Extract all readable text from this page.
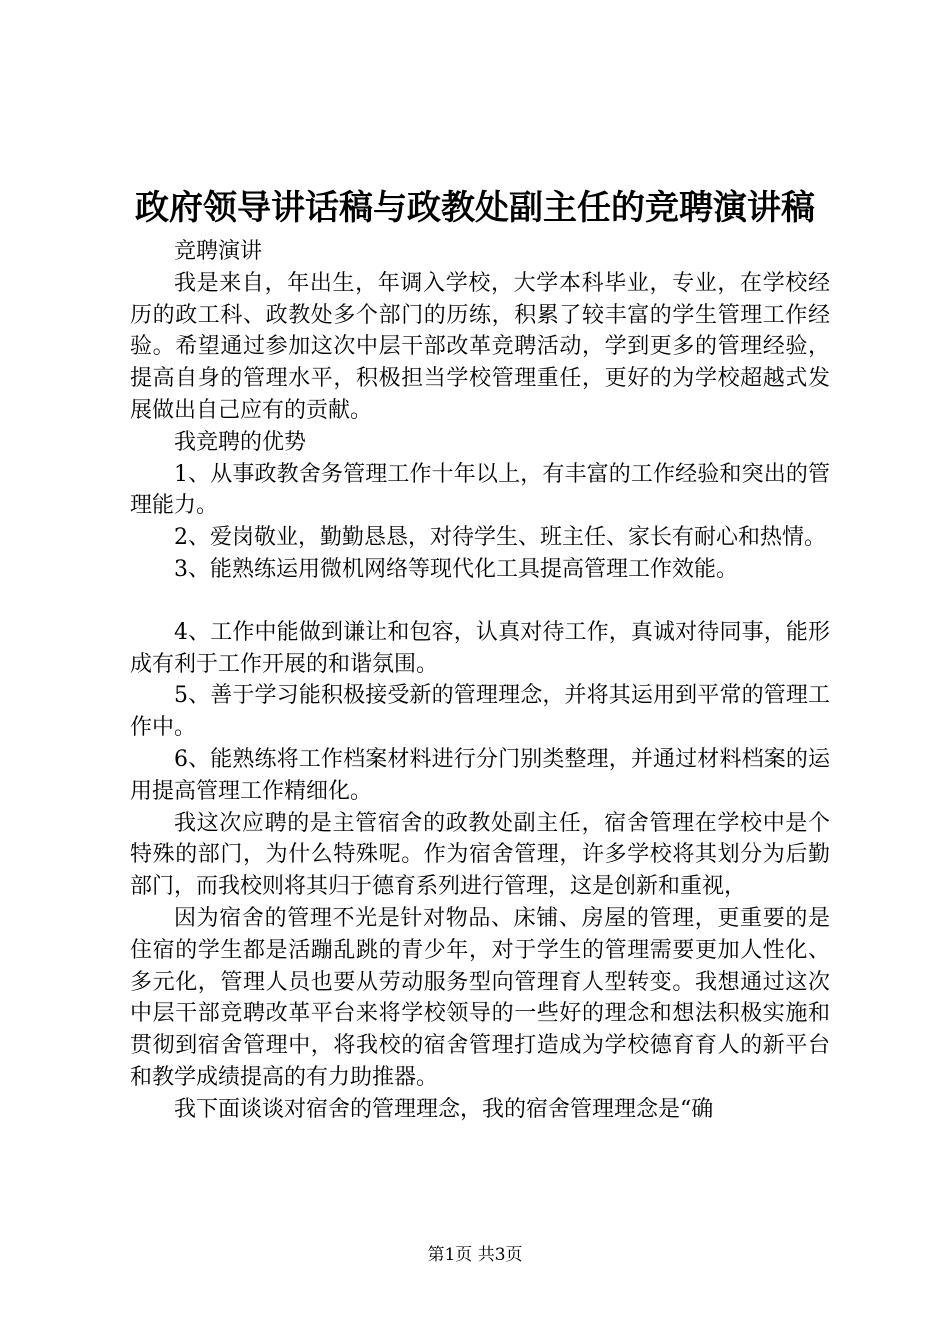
政府领导讲话稿与政教处副主任的竞聘演讲稿

竞聘演讲

我是来自，年出生，年调入学校，大学本科毕业，专业，在学校经历的政工科、政教处多个部门的历练，积累了较丰富的学生管理工作经验。希望通过参加这次中层干部改革竞聘活动，学到更多的管理经验，提高自身的管理水平，积极担当学校管理重任，更好的为学校超越式发展做出自己应有的贡献。

我竞聘的优势

1、从事政教舍务管理工作十年以上，有丰富的工作经验和突出的管理能力。

2、爱岗敬业，勤勤恳恳，对待学生、班主任、家长有耐心和热情。

3、能熟练运用微机网络等现代化工具提高管理工作效能。

4、工作中能做到谦让和包容，认真对待工作，真诚对待同事，能形成有利于工作开展的和谐氛围。

5、善于学习能积极接受新的管理理念，并将其运用到平常的管理工作中。

6、能熟练将工作档案材料进行分门别类整理，并通过材料档案的运用提高管理工作精细化。

我这次应聘的是主管宿舍的政教处副主任，宿舍管理在学校中是个特殊的部门，为什么特殊呢。作为宿舍管理，许多学校将其划分为后勤部门，而我校则将其归于德育系列进行管理，这是创新和重视，

因为宿舍的管理不光是针对物品、床铺、房屋的管理，更重要的是住宿的学生都是活蹦乱跳的青少年，对于学生的管理需要更加人性化、多元化，管理人员也要从劳动服务型向管理育人型转变。我想通过这次中层干部竞聘改革平台来将学校领导的一些好的理念和想法积极实施和贯彻到宿舍管理中，将我校的宿舍管理打造成为学校德育育人的新平台和教学成绩提高的有力助推器。

我下面谈谈对宿舍的管理理念，我的宿舍管理理念是“确

第1页 共3页
